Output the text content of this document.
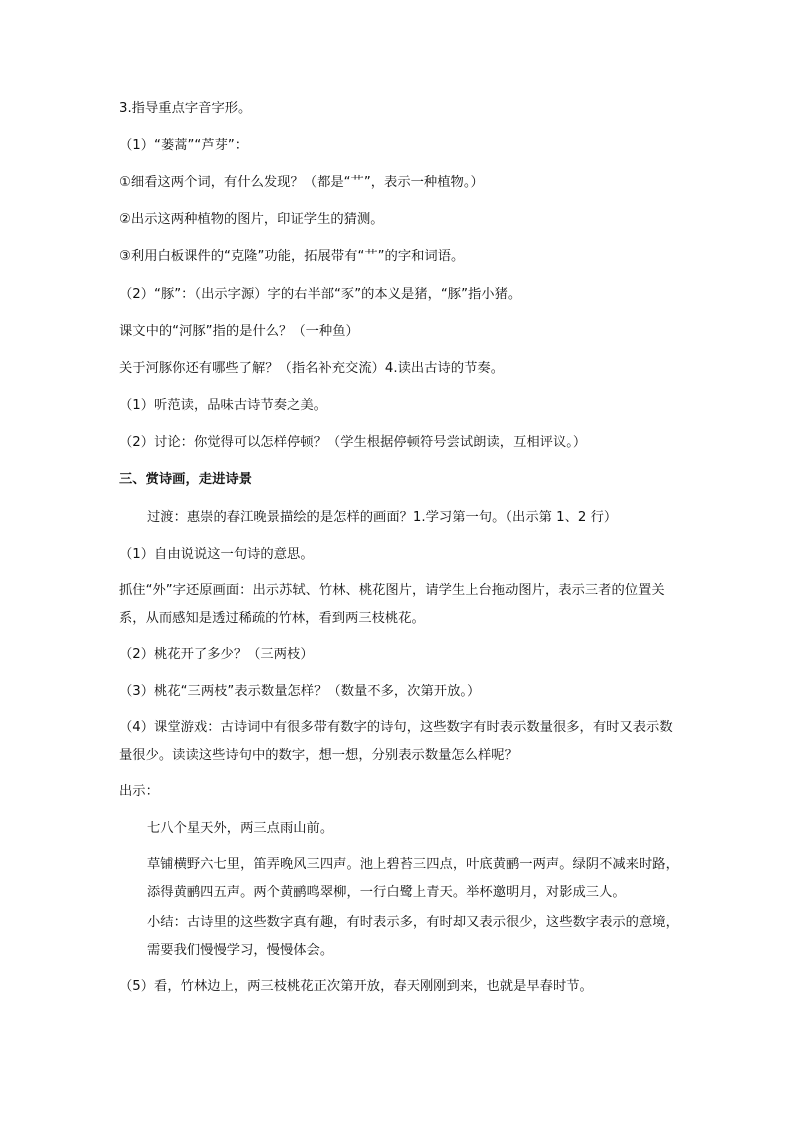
3.指导重点字音字形。
（1）“蒌蒿”“芦芽”：
①细看这两个词，有什么发现？（都是“艹”，表示一种植物。）
②出示这两种植物的图片，印证学生的猜测。
③利用白板课件的“克隆”功能，拓展带有“艹”的字和词语。
（2）“豚”：（出示字源）字的右半部“豕”的本义是猪，“豚”指小猪。
课文中的“河豚”指的是什么？（一种鱼）
关于河豚你还有哪些了解？（指名补充交流）4.读出古诗的节奏。
（1）听范读，品味古诗节奏之美。
（2）讨论：你觉得可以怎样停顿？（学生根据停顿符号尝试朗读，互相评议。）
三、赏诗画，走进诗景
过渡：惠崇的春江晚景描绘的是怎样的画面？1.学习第一句。（出示第 1、2 行）
（1）自由说说这一句诗的意思。
抓住“外”字还原画面：出示苏轼、竹林、桃花图片，请学生上台拖动图片，表示三者的位置关系，从而感知是透过稀疏的竹林，看到两三枝桃花。
（2）桃花开了多少？（三两枝）
（3）桃花“三两枝”表示数量怎样？（数量不多，次第开放。）
（4）课堂游戏：古诗词中有很多带有数字的诗句，这些数字有时表示数量很多，有时又表示数量很少。读读这些诗句中的数字，想一想，分别表示数量怎么样呢？
出示：
七八个星天外，两三点雨山前。
草铺横野六七里，笛弄晚风三四声。池上碧苔三四点，叶底黄鹂一两声。绿阴不减来时路，添得黄鹂四五声。两个黄鹂鸣翠柳，一行白鹭上青天。举杯邀明月，对影成三人。
小结：古诗里的这些数字真有趣，有时表示多，有时却又表示很少，这些数字表示的意境，需要我们慢慢学习，慢慢体会。
（5）看，竹林边上，两三枝桃花正次第开放，春天刚刚到来，也就是早春时节。
